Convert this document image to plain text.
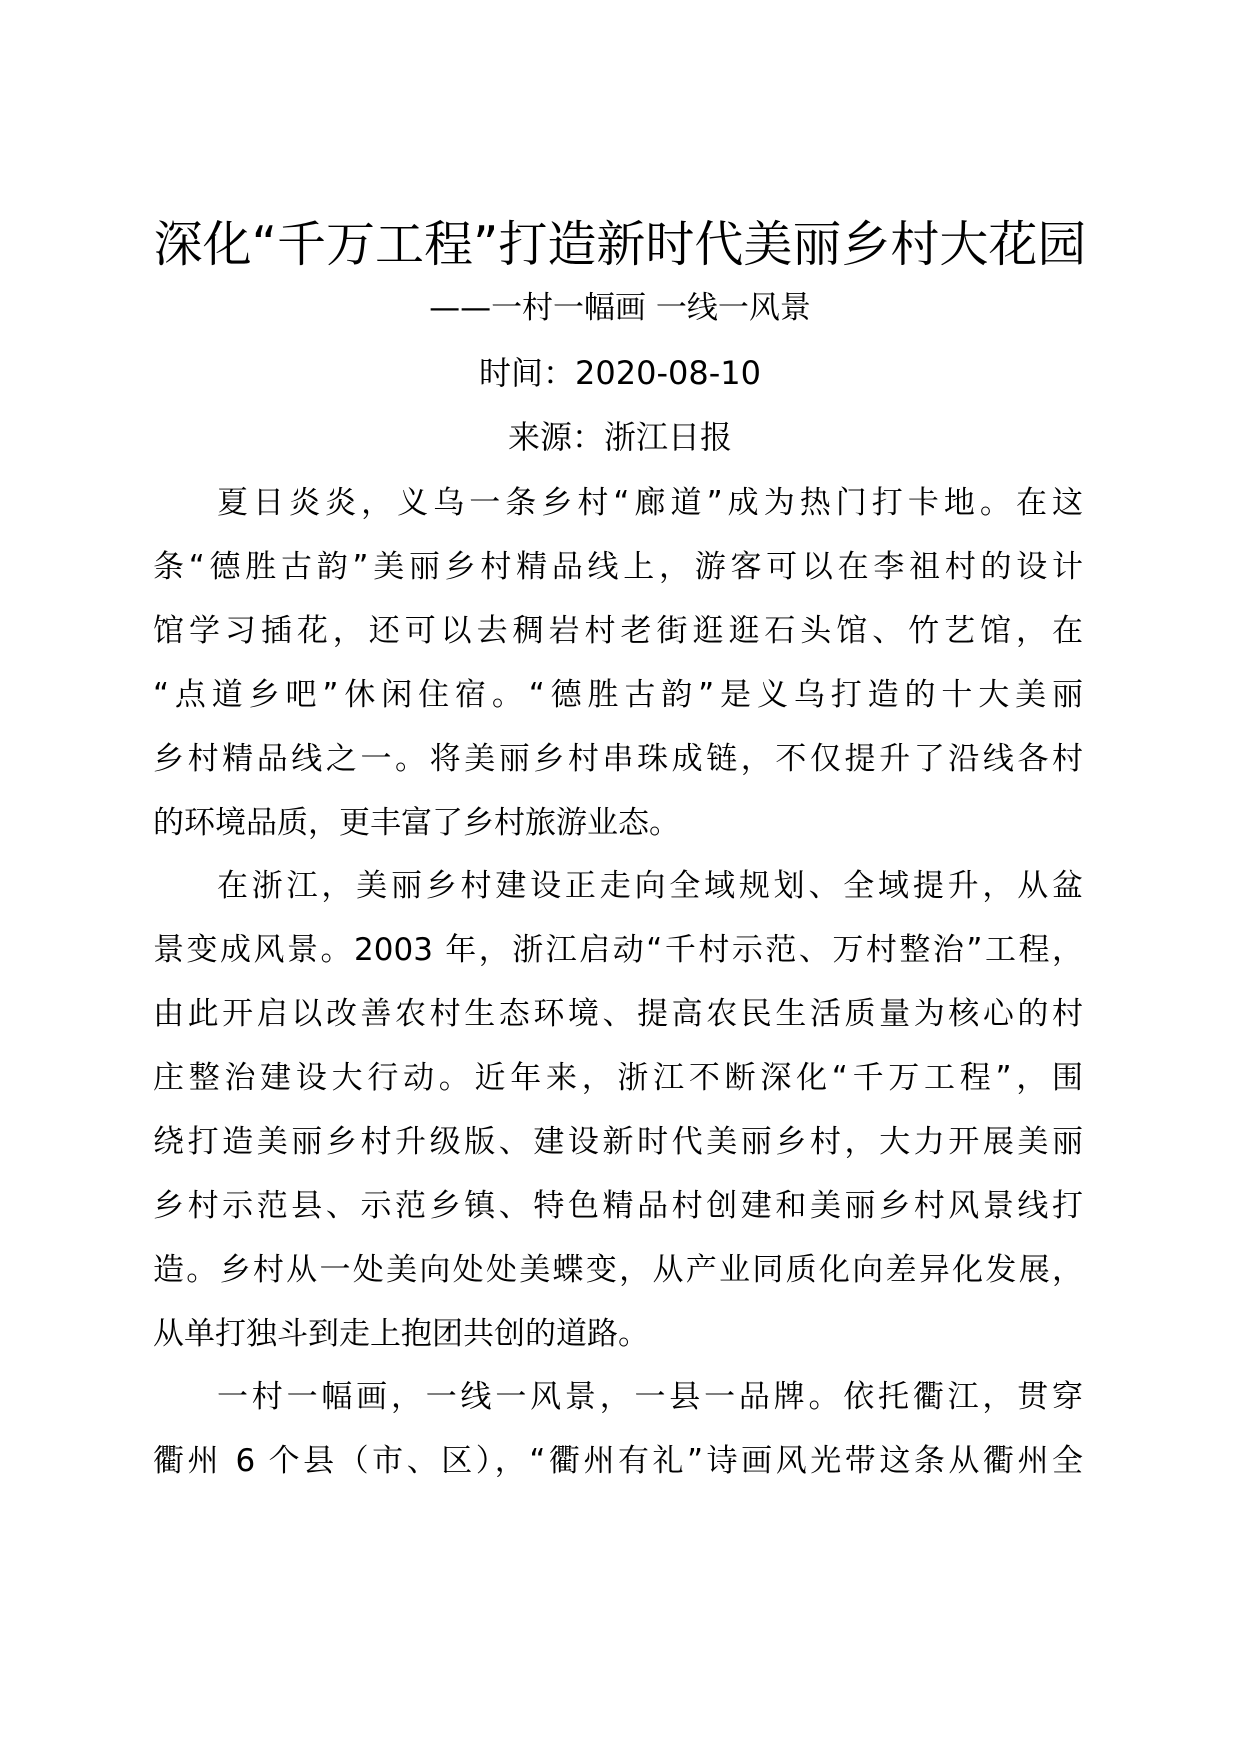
深化“千万工程”打造新时代美丽乡村大花园
——一村一幅画 一线一风景
时间：2020-08-10
来源：浙江日报
夏日炎炎，义乌一条乡村“廊道”成为热门打卡地。在这
条“德胜古韵”美丽乡村精品线上，游客可以在李祖村的设计
馆学习插花，还可以去稠岩村老街逛逛石头馆、竹艺馆，在
“点道乡吧”休闲住宿。“德胜古韵”是义乌打造的十大美丽
乡村精品线之一。将美丽乡村串珠成链，不仅提升了沿线各村
的环境品质，更丰富了乡村旅游业态。
在浙江，美丽乡村建设正走向全域规划、全域提升，从盆
景变成风景。2003 年，浙江启动“千村示范、万村整治”工程，
由此开启以改善农村生态环境、提高农民生活质量为核心的村
庄整治建设大行动。近年来，浙江不断深化“千万工程”，围
绕打造美丽乡村升级版、建设新时代美丽乡村，大力开展美丽
乡村示范县、示范乡镇、特色精品村创建和美丽乡村风景线打
造。乡村从一处美向处处美蝶变，从产业同质化向差异化发展，
从单打独斗到走上抱团共创的道路。
一村一幅画，一线一风景，一县一品牌。依托衢江，贯穿
衢州 6 个县（市、区），“衢州有礼”诗画风光带这条从衢州全
